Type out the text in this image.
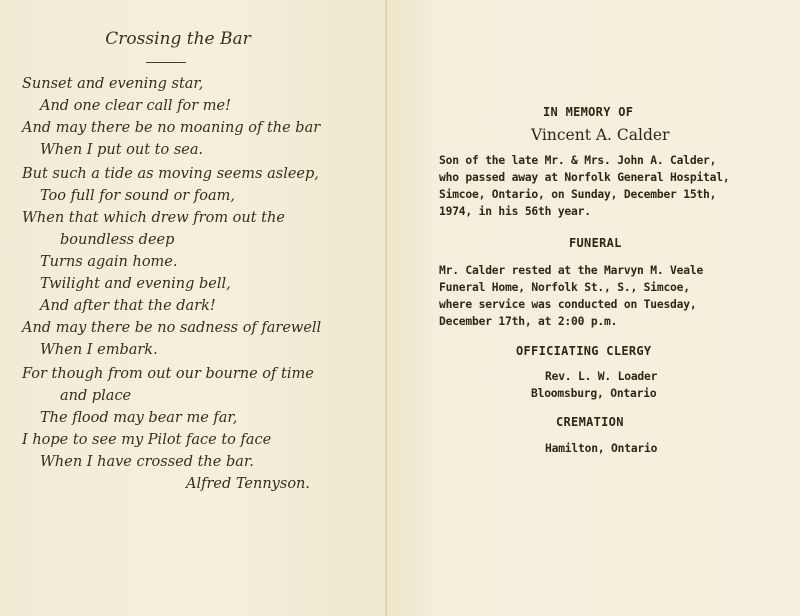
Crossing the Bar
Sunset and evening star,
And one clear call for me!
And may there be no moaning of the bar
When I put out to sea.
But such a tide as moving seems asleep,
Too full for sound or foam,
When that which drew from out the
boundless deep
Turns again home.
Twilight and evening bell,
And after that the dark!
And may there be no sadness of farewell
When I embark.
For though from out our bourne of time
and place
The flood may bear me far,
I hope to see my Pilot face to face
When I have crossed the bar.
Alfred Tennyson.
IN MEMORY OF
Vincent A. Calder
Son of the late Mr. & Mrs. John A. Calder,
who passed away at Norfolk General Hospital,
Simcoe, Ontario, on Sunday, December 15th,
1974, in his 56th year.
FUNERAL
Mr. Calder rested at the Marvyn M. Veale
Funeral Home, Norfolk St., S., Simcoe,
where service was conducted on Tuesday,
December 17th, at 2:00 p.m.
OFFICIATING CLERGY
Rev. L. W. Loader
Bloomsburg, Ontario
CREMATION
Hamilton, Ontario
